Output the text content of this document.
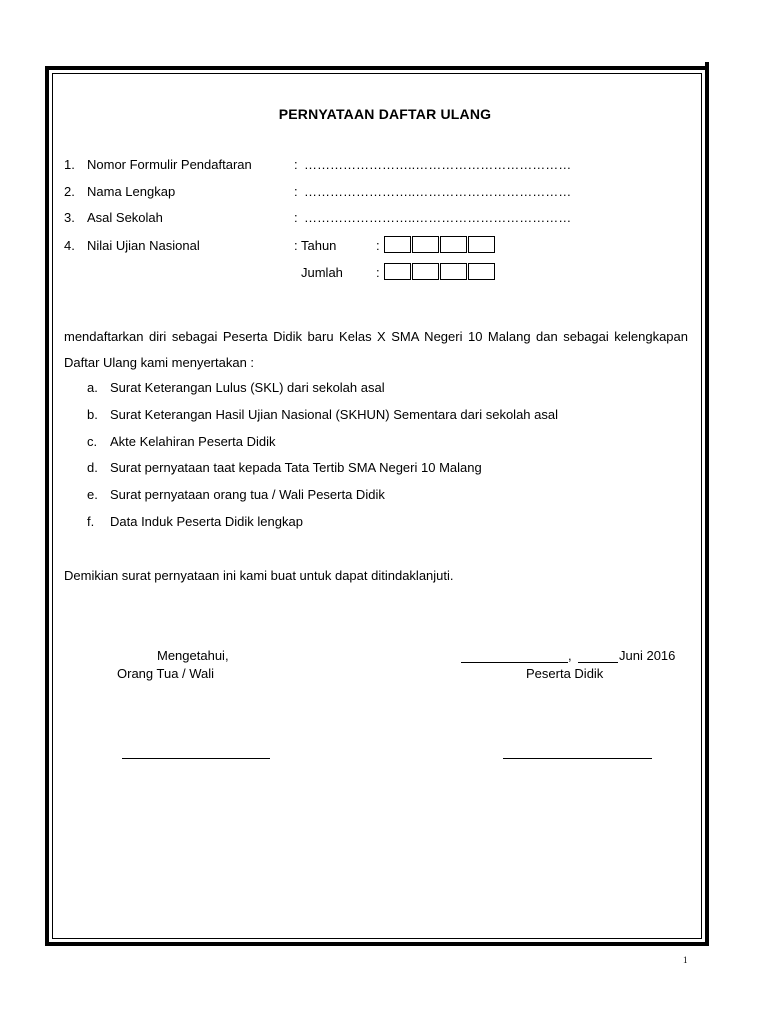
PERNYATAAN DAFTAR ULANG
1. Nomor Formulir Pendaftaran	: ……………………..………………………………
2. Nama Lengkap	: ……………………..………………………………
3. Asal Sekolah	: ……………………..………………………………
4. Nilai Ujian Nasional	: Tahun	:
Jumlah	:
mendaftarkan diri sebagai Peserta Didik baru Kelas X SMA Negeri 10 Malang dan sebagai kelengkapan Daftar Ulang kami menyertakan :
a. Surat Keterangan Lulus (SKL) dari sekolah asal
b. Surat Keterangan Hasil Ujian Nasional (SKHUN) Sementara dari sekolah asal
c. Akte Kelahiran Peserta Didik
d. Surat pernyataan taat kepada Tata Tertib SMA Negeri 10 Malang
e. Surat pernyataan orang tua / Wali Peserta Didik
f. Data Induk Peserta Didik lengkap
Demikian surat pernyataan ini kami buat untuk dapat ditindaklanjuti.
Mengetahui,
Orang Tua / Wali
,	Juni 2016
Peserta Didik
1
